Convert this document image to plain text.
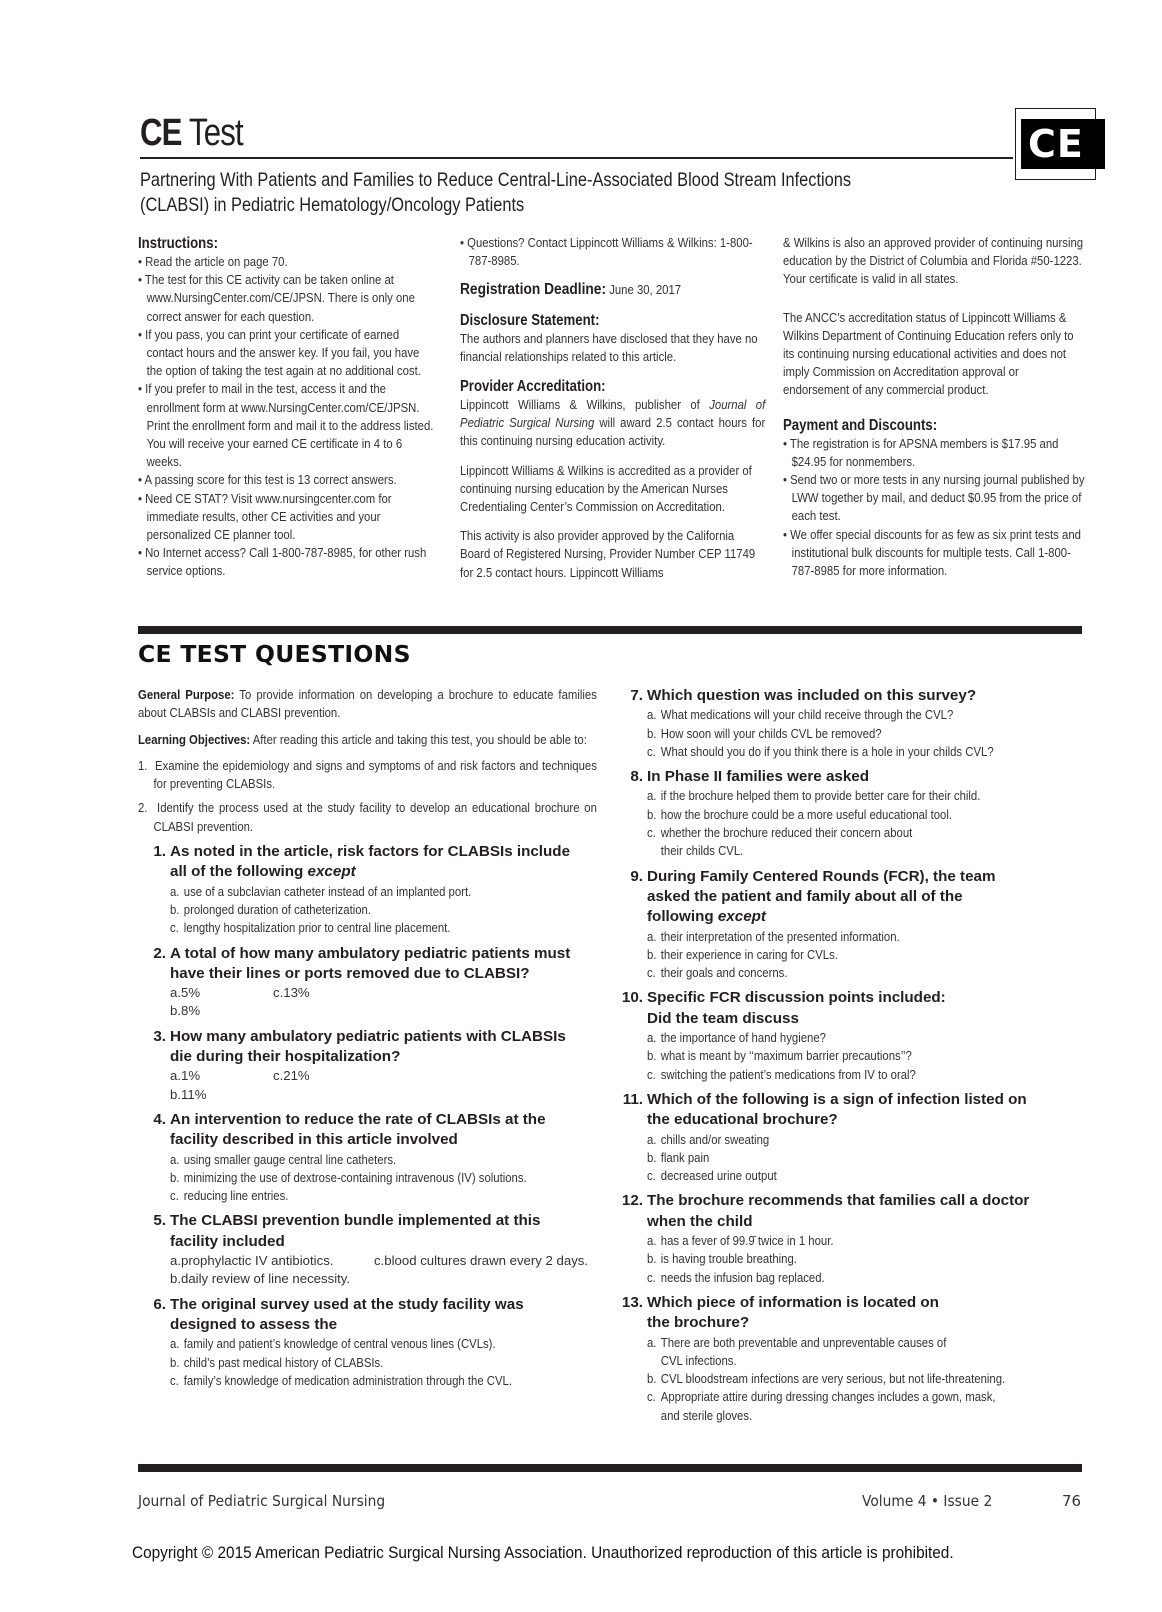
CE Test	CE
Partnering With Patients and Families to Reduce Central-Line-Associated Blood Stream Infections
(CLABSI) in Pediatric Hematology/Oncology Patients
Instructions:
• Read the article on page 70.
• The test for this CE activity can be taken online at www.NursingCenter.com/CE/JPSN. There is only one correct answer for each question.
• If you pass, you can print your certificate of earned contact hours and the answer key. If you fail, you have the option of taking the test again at no additional cost.
• If you prefer to mail in the test, access it and the enrollment form at www.NursingCenter.com/CE/JPSN. Print the enrollment form and mail it to the address listed. You will receive your earned CE certificate in 4 to 6 weeks.
• A passing score for this test is 13 correct answers.
• Need CE STAT? Visit www.nursingcenter.com for immediate results, other CE activities and your personalized CE planner tool.
• No Internet access? Call 1-800-787-8985, for other rush service options.
• Questions? Contact Lippincott Williams & Wilkins: 1-800-787-8985.

Registration Deadline: June 30, 2017

Disclosure Statement:

The authors and planners have disclosed that they have no financial relationships related to this article.

Provider Accreditation:

Lippincott Williams & Wilkins, publisher of Journal of Pediatric Surgical Nursing will award 2.5 contact hours for this continuing nursing education activity.

Lippincott Williams & Wilkins is accredited as a provider of continuing nursing education by the American Nurses Credentialing Center’s Commission on Accreditation.

This activity is also provider approved by the California Board of Registered Nursing, Provider Number CEP 11749 for 2.5 contact hours. Lippincott Williams

& Wilkins is also an approved provider of continuing nursing education by the District of Columbia and Florida #50-1223. Your certificate is valid in all states.

The ANCC’s accreditation status of Lippincott Williams & Wilkins Department of Continuing Education refers only to its continuing nursing educational activities and does not imply Commission on Accreditation approval or endorsement of any commercial product.

Payment and Discounts:
• The registration is for APSNA members is $17.95 and $24.95 for nonmembers.
• Send two or more tests in any nursing journal published by LWW together by mail, and deduct $0.95 from the price of each test.
• We offer special discounts for as few as six print tests and institutional bulk discounts for multiple tests. Call 1-800-787-8985 for more information.
CE TEST QUESTIONS

General Purpose: To provide information on developing a brochure to educate families about CLABSIs and CLABSI prevention.

Learning Objectives: After reading this article and taking this test, you should be able to:

1. Examine the epidemiology and signs and symptoms of and risk factors and techniques for preventing CLABSIs.

2. Identify the process used at the study facility to develop an educational brochure on CLABSI prevention.

1. As noted in the article, risk factors for CLABSIs include
all of the following except
a. use of a subclavian catheter instead of an implanted port.
b. prolonged duration of catheterization.
c. lengthy hospitalization prior to central line placement.
2. A total of how many ambulatory pediatric patients must
have their lines or ports removed due to CLABSI?
a.5%	c.13%
b.8%
3. How many ambulatory pediatric patients with CLABSIs
die during their hospitalization?
a.1%	c.21%
b.11%
4. An intervention to reduce the rate of CLABSIs at the
facility described in this article involved
a. using smaller gauge central line catheters.
b. minimizing the use of dextrose-containing intravenous (IV) solutions.
c. reducing line entries.
5. The CLABSI prevention bundle implemented at this
facility included
a.prophylactic IV antibiotics.	c.blood cultures drawn every 2 days.
b.daily review of line necessity.
6. The original survey used at the study facility was
designed to assess the
a. family and patient’s knowledge of central venous lines (CVLs).
b. child’s past medical history of CLABSIs.
c. family’s knowledge of medication administration through the CVL.
7. Which question was included on this survey?
a. What medications will your child receive through the CVL?
b. How soon will your childs CVL be removed?
c. What should you do if you think there is a hole in your childs CVL?
8. In Phase II families were asked
a. if the brochure helped them to provide better care for their child.
b. how the brochure could be a more useful educational tool.
c. whether the brochure reduced their concern about
their childs CVL.
9. During Family Centered Rounds (FCR), the team
asked the patient and family about all of the
following except
a. their interpretation of the presented information.
b. their experience in caring for CVLs.
c. their goals and concerns.
10. Specific FCR discussion points included:
Did the team discuss
a. the importance of hand hygiene?
b. what is meant by ‘‘maximum barrier precautions’’?
c. switching the patient’s medications from IV to oral?
11. Which of the following is a sign of infection listed on
the educational brochure?
a. chills and/or sweating
b. flank pain
c. decreased urine output
12. The brochure recommends that families call a doctor
when the child
a. has a fever of 99.9̄ twice in 1 hour.
b. is having trouble breathing.
c. needs the infusion bag replaced.
13. Which piece of information is located on
the brochure?
a. There are both preventable and unpreventable causes of
CVL infections.
b. CVL bloodstream infections are very serious, but not life-threatening.
c. Appropriate attire during dressing changes includes a gown, mask,
and sterile gloves.
Journal of Pediatric Surgical Nursing	Volume 4 • Issue 2	76
Copyright © 2015 American Pediatric Surgical Nursing Association. Unauthorized reproduction of this article is prohibited.
